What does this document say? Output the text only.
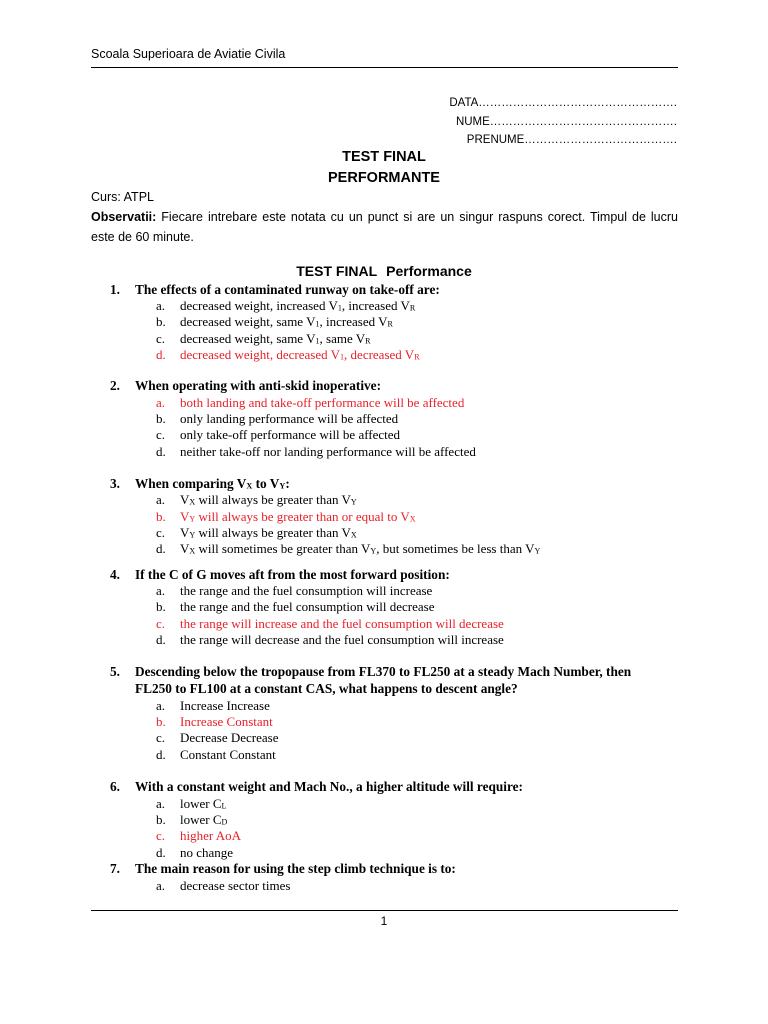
Scoala Superioara de Aviatie Civila
DATA…………………………………………….
NUME………………………………………….
PRENUME………………………………….
TEST FINAL
PERFORMANTE
Curs: ATPL
Observatii: Fiecare intrebare este notata cu un punct si are un singur raspuns corect. Timpul de lucru este de 60 minute.
TEST FINAL Performance
1.	The effects of a contaminated runway on take-off are:
a. decreased weight, increased $V_1$, increased $V_R$
b. decreased weight, same $V_1$, increased $V_R$
c. decreased weight, same $V_1$, same $V_R$
d. decreased weight, decreased $V_1$, decreased $V_R$
2.	When operating with anti-skid inoperative:
a. both landing and take-off performance will be affected
b. only landing performance will be affected
c. only take-off performance will be affected
d. neither take-off nor landing performance will be affected
3.	When comparing $V_X$ to $V_Y$:
a. $V_X$ will always be greater than $V_Y$
b. $V_Y$ will always be greater than or equal to $V_X$
c. $V_Y$ will always be greater than $V_X$
d. $V_X$ will sometimes be greater than $V_Y$, but sometimes be less than $V_Y$
4.	If the C of G moves aft from the most forward position:
a. the range and the fuel consumption will increase
b. the range and the fuel consumption will decrease
c. the range will increase and the fuel consumption will decrease
d. the range will decrease and the fuel consumption will increase
5.	Descending below the tropopause from FL370 to FL250 at a steady Mach Number, then FL250 to FL100 at a constant CAS, what happens to descent angle?
a. Increase Increase
b. Increase Constant
c. Decrease Decrease
d. Constant Constant
6.	With a constant weight and Mach No., a higher altitude will require:
a. lower $C_L$
b. lower $C_D$
c. higher AoA
d. no change
7.	The main reason for using the step climb technique is to:
a. decrease sector times
1
